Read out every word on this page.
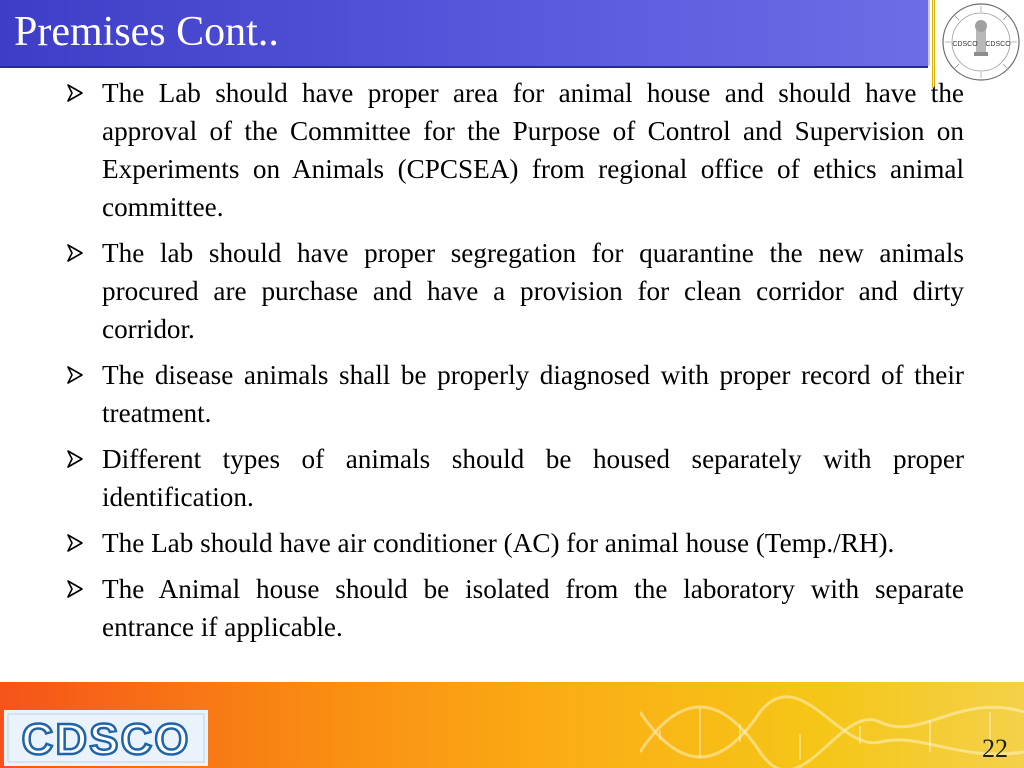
Premises Cont..	CDSCO CDSCO
The Lab should have proper area for animal house and should have the approval of the Committee for the Purpose of Control and Supervision on Experiments on Animals (CPCSEA) from regional office of ethics animal committee.
The lab should have proper segregation for quarantine the new animals procured are purchase and have a provision for clean corridor and dirty corridor.
The disease animals shall be properly diagnosed with proper record of their treatment.
Different types of animals should be housed separately with proper identification.
The Lab should have air conditioner (AC) for animal house (Temp./RH).
The Animal house should be isolated from the laboratory with separate entrance if applicable.
CDSCO	22
